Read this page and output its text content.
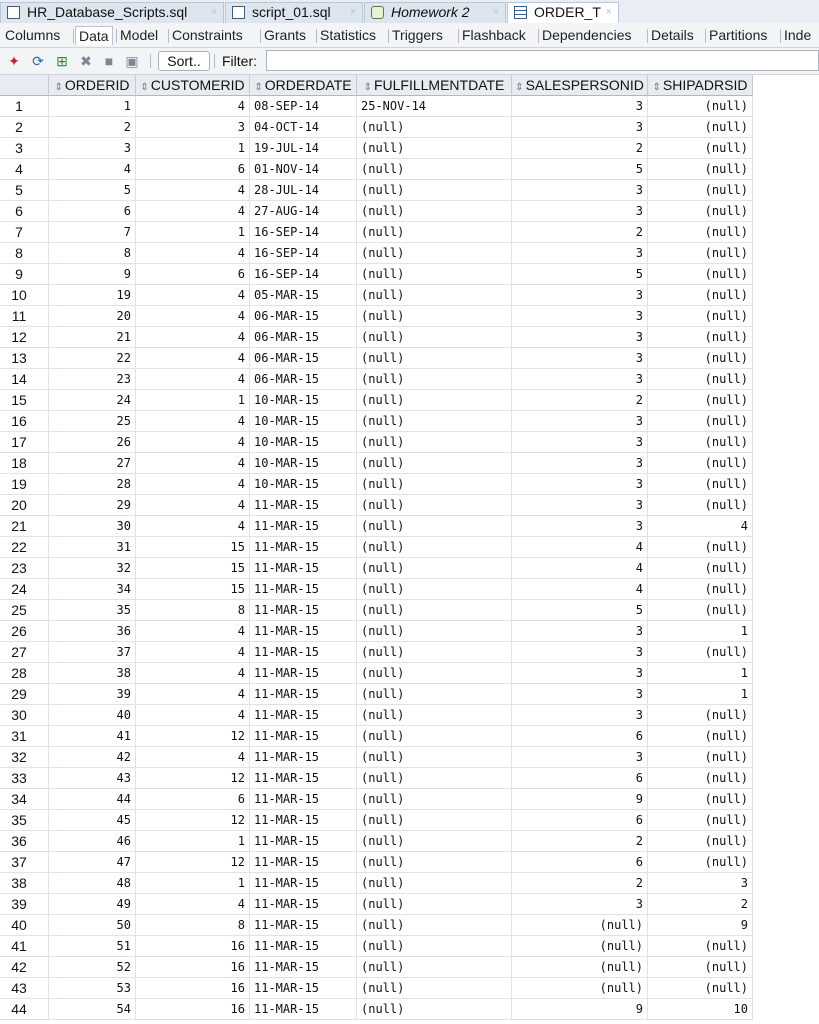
HR_Database_Scripts.sql ×	script_01.sql ×	Homework 2 ×	ORDER_T ×
Columns Data Model Constraints Grants Statistics Triggers Flashback Dependencies Details Partitions Inde
✦ ⟳ ⊞ ✖ ■ ▣	Sort..	Filter:
⇕ ORDERID	⇕ CUSTOMERID ⇕ ORDERDATE	⇕ FULFILLMENTDATE	⇕ SALESPERSONID ⇕ SHIPADRSID
1	1	4 08-SEP-14	25-NOV-14	3	(null)
2	2	3 04-OCT-14	(null)	3	(null)
3	3	1 19-JUL-14	(null)	2	(null)
4	4	6 01-NOV-14	(null)	5	(null)
5	5	4 28-JUL-14	(null)	3	(null)
6	6	4 27-AUG-14	(null)	3	(null)
7	7	1 16-SEP-14	(null)	2	(null)
8	8	4 16-SEP-14	(null)	3	(null)
9	9	6 16-SEP-14	(null)	5	(null)
10	19	4 05-MAR-15	(null)	3	(null)
11	20	4 06-MAR-15	(null)	3	(null)
12	21	4 06-MAR-15	(null)	3	(null)
13	22	4 06-MAR-15	(null)	3	(null)
14	23	4 06-MAR-15	(null)	3	(null)
15	24	1 10-MAR-15	(null)	2	(null)
16	25	4 10-MAR-15	(null)	3	(null)
17	26	4 10-MAR-15	(null)	3	(null)
18	27	4 10-MAR-15	(null)	3	(null)
19	28	4 10-MAR-15	(null)	3	(null)
20	29	4 11-MAR-15	(null)	3	(null)
21	30	4 11-MAR-15	(null)	3	4
22	31	15 11-MAR-15	(null)	4	(null)
23	32	15 11-MAR-15	(null)	4	(null)
24	34	15 11-MAR-15	(null)	4	(null)
25	35	8 11-MAR-15	(null)	5	(null)
26	36	4 11-MAR-15	(null)	3	1
27	37	4 11-MAR-15	(null)	3	(null)
28	38	4 11-MAR-15	(null)	3	1
29	39	4 11-MAR-15	(null)	3	1
30	40	4 11-MAR-15	(null)	3	(null)
31	41	12 11-MAR-15	(null)	6	(null)
32	42	4 11-MAR-15	(null)	3	(null)
33	43	12 11-MAR-15	(null)	6	(null)
34	44	6 11-MAR-15	(null)	9	(null)
35	45	12 11-MAR-15	(null)	6	(null)
36	46	1 11-MAR-15	(null)	2	(null)
37	47	12 11-MAR-15	(null)	6	(null)
38	48	1 11-MAR-15	(null)	2	3
39	49	4 11-MAR-15	(null)	3	2
40	50	8 11-MAR-15	(null)	(null)	9
41	51	16 11-MAR-15	(null)	(null)	(null)
42	52	16 11-MAR-15	(null)	(null)	(null)
43	53	16 11-MAR-15	(null)	(null)	(null)
44	54	16 11-MAR-15	(null)	9	10
